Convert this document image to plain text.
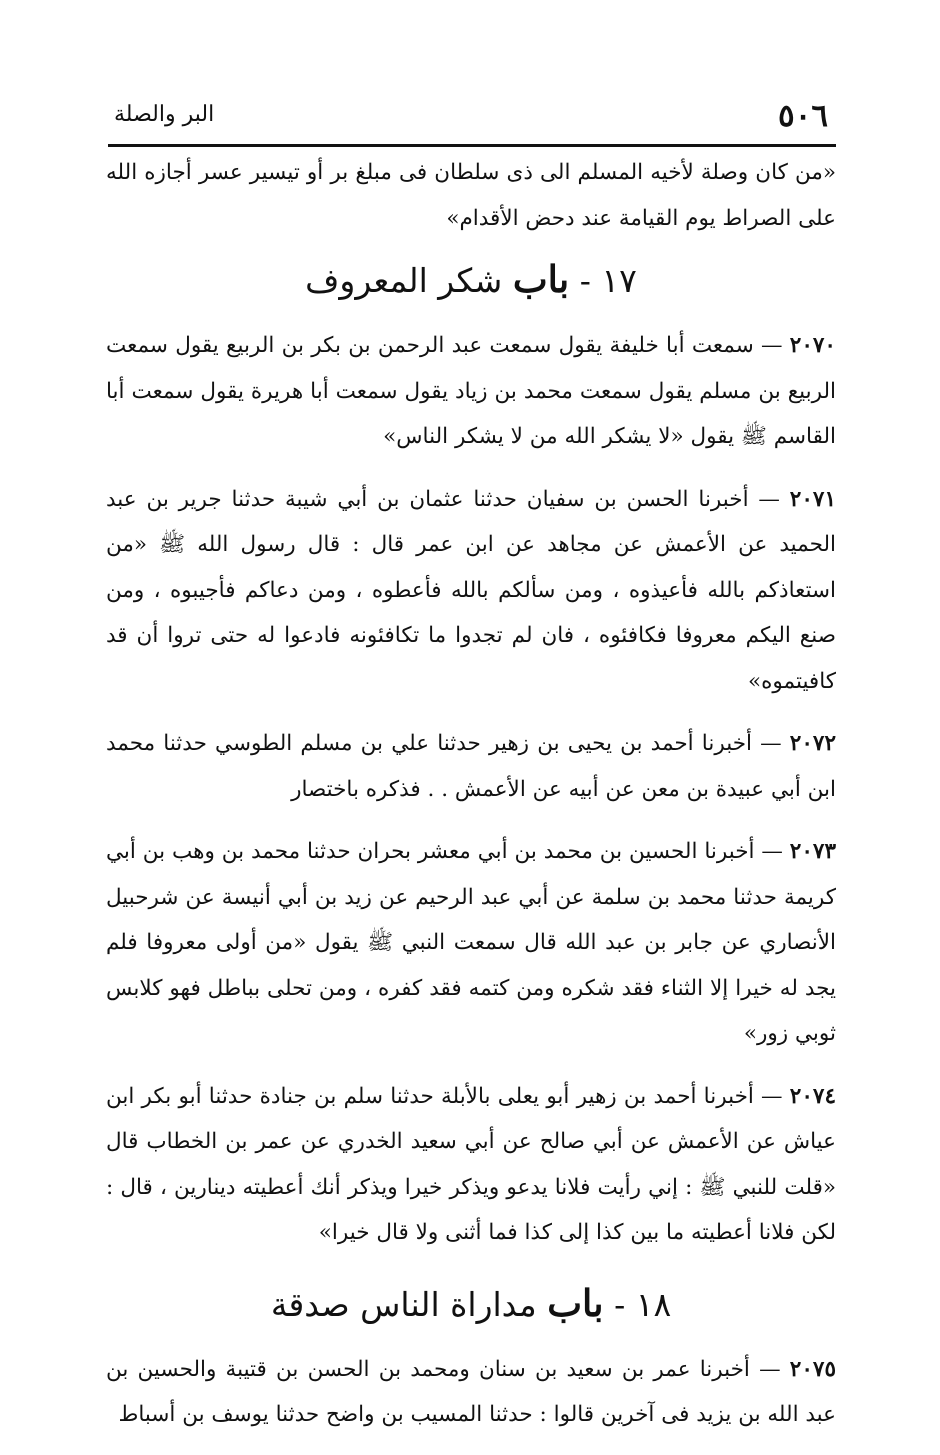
٥٠٦
البر والصلة

«من كان وصلة لأخيه المسلم الى ذى سلطان فى مبلغ بر أو تيسير عسر أجازه الله على الصراط يوم القيامة عند دحض الأقدام»

١٧ - باب شكر المعروف

٢٠٧٠ — سمعت أبا خليفة يقول سمعت عبد الرحمن بن بكر بن الربيع يقول سمعت الربيع بن مسلم يقول سمعت محمد بن زياد يقول سمعت أبا هريرة يقول سمعت أبا القاسم ﷺ يقول «لا يشكر الله من لا يشكر الناس»

٢٠٧١ — أخبرنا الحسن بن سفيان حدثنا عثمان بن أبي شيبة حدثنا جرير بن عبد الحميد عن الأعمش عن مجاهد عن ابن عمر قال : قال رسول الله ﷺ «من استعاذكم بالله فأعيذوه ، ومن سألكم بالله فأعطوه ، ومن دعاكم فأجيبوه ، ومن صنع اليكم معروفا فكافئوه ، فان لم تجدوا ما تكافئونه فادعوا له حتى تروا أن قد كافيتموه»

٢٠٧٢ — أخبرنا أحمد بن يحيى بن زهير حدثنا علي بن مسلم الطوسي حدثنا محمد ابن أبي عبيدة بن معن عن أبيه عن الأعمش . . فذكره باختصار

٢٠٧٣ — أخبرنا الحسين بن محمد بن أبي معشر بحران حدثنا محمد بن وهب بن أبي كريمة حدثنا محمد بن سلمة عن أبي عبد الرحيم عن زيد بن أبي أنيسة عن شرحبيل الأنصاري عن جابر بن عبد الله قال سمعت النبي ﷺ يقول «من أولى معروفا فلم يجد له خيرا إلا الثناء فقد شكره ومن كتمه فقد كفره ، ومن تحلى بباطل فهو كلابس ثوبي زور»

٢٠٧٤ — أخبرنا أحمد بن زهير أبو يعلى بالأبلة حدثنا سلم بن جنادة حدثنا أبو بكر ابن عياش عن الأعمش عن أبي صالح عن أبي سعيد الخدري عن عمر بن الخطاب قال «قلت للنبي ﷺ : إني رأيت فلانا يدعو ويذكر خيرا ويذكر أنك أعطيته دينارين ، قال : لكن فلانا أعطيته ما بين كذا إلى كذا فما أثنى ولا قال خيرا»

١٨ - باب مداراة الناس صدقة

٢٠٧٥ — أخبرنا عمر بن سعيد بن سنان ومحمد بن الحسن بن قتيبة والحسين بن عبد الله بن يزيد فى آخرين قالوا : حدثنا المسيب بن واضح حدثنا يوسف بن أسباط
